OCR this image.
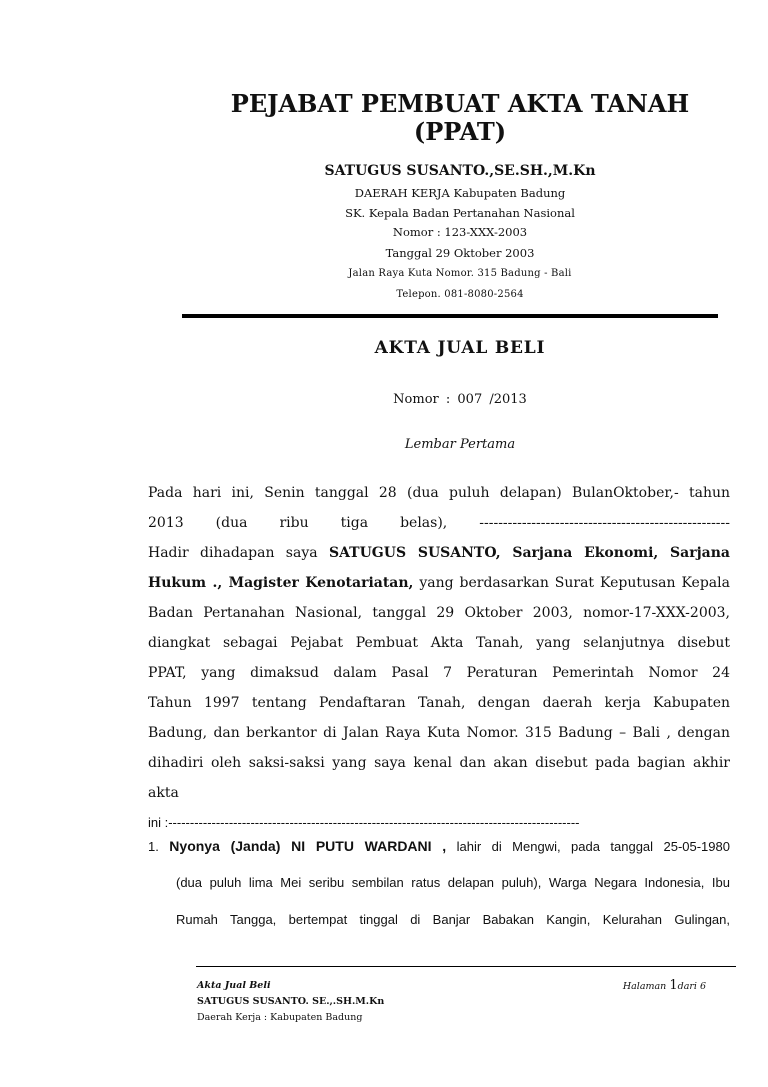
PEJABAT PEMBUAT AKTA TANAH
(PPAT)
SATUGUS SUSANTO.,SE.SH.,M.Kn
DAERAH KERJA Kabupaten Badung
SK. Kepala Badan Pertanahan Nasional
Nomor : 123-XXX-2003
Tanggal 29 Oktober 2003
Jalan Raya Kuta Nomor. 315 Badung - Bali
Telepon. 081-8080-2564
AKTA JUAL BELI
Nomor : 007 /2013
Lembar Pertama
Pada hari ini, Senin tanggal 28 (dua puluh delapan) BulanOktober,- tahun
2013 (dua ribu tiga belas), -----------------------------------------------------
Hadir dihadapan saya SATUGUS SUSANTO, Sarjana Ekonomi, Sarjana
Hukum ., Magister Kenotariatan, yang berdasarkan Surat Keputusan Kepala
Badan Pertanahan Nasional, tanggal 29 Oktober 2003, nomor-17-XXX-2003,
diangkat sebagai Pejabat Pembuat Akta Tanah, yang selanjutnya disebut
PPAT, yang dimaksud dalam Pasal 7 Peraturan Pemerintah Nomor 24
Tahun 1997 tentang Pendaftaran Tanah, dengan daerah kerja Kabupaten
Badung, dan berkantor di Jalan Raya Kuta Nomor. 315 Badung – Bali , dengan
dihadiri oleh saksi-saksi yang saya kenal dan akan disebut pada bagian akhir
akta
ini :-----------------------------------------------------------------------------------------------
1. Nyonya (Janda) NI PUTU WARDANI , lahir di Mengwi, pada tanggal 25-05-1980
(dua puluh lima Mei seribu sembilan ratus delapan puluh), Warga Negara Indonesia, Ibu
Rumah Tangga, bertempat tinggal di Banjar Babakan Kangin, Kelurahan Gulingan,
Akta Jual Beli
SATUGUS SUSANTO. SE.,.SH.M.Kn
Daerah Kerja : Kabupaten Badung
Halaman 1dari 6
